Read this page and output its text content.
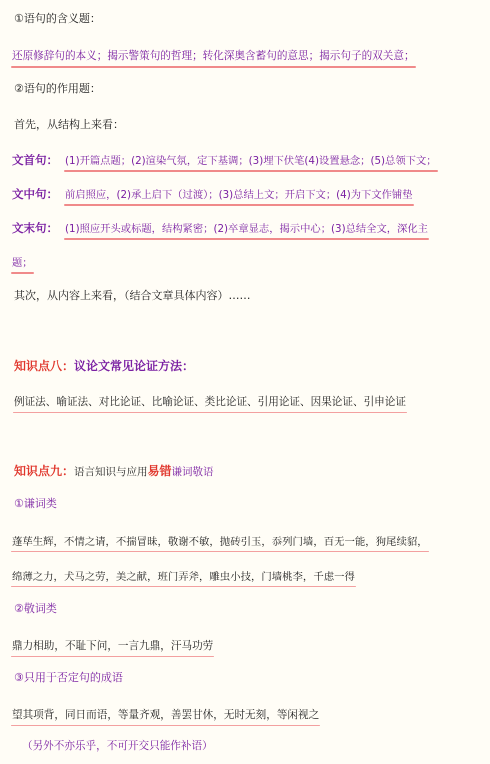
①语句的含义题：
还原修辞句的本义；揭示警策句的哲理；转化深奥含蓄句的意思；揭示句子的双关意；
②语句的作用题：
首先，从结构上来看：
文首句： (1)开篇点题；(2)渲染气氛，定下基调；(3)埋下伏笔(4)设置悬念；(5)总领下文；
文中句： 前启照应，(2)承上启下（过渡）；(3)总结上文；开启下文；(4)为下文作铺垫
文末句： (1)照应开头或标题，结构紧密；(2)卒章显志，揭示中心；(3)总结全文，深化主
题；
其次，从内容上来看，（结合文章具体内容）……
知识点八：议论文常见论证方法：
例证法、喻证法、对比论证、比喻论证、类比论证、引用论证、因果论证、引申论证
知识点九：语言知识与应用易错谦词敬语
①谦词类
蓬荜生辉，不情之请，不揣冒昧，敬谢不敏，抛砖引玉，忝列门墙，百无一能，狗尾续貂，
绵薄之力，犬马之劳，美之献，班门弄斧，雕虫小技，门墙桃李，千虑一得
②敬词类
鼎力相助，不耻下问，一言九鼎，汗马功劳
③只用于否定句的成语
望其项背，同日而语，等量齐观，善罢甘休，无时无刻，等闲视之
（另外不亦乐乎，不可开交只能作补语）
